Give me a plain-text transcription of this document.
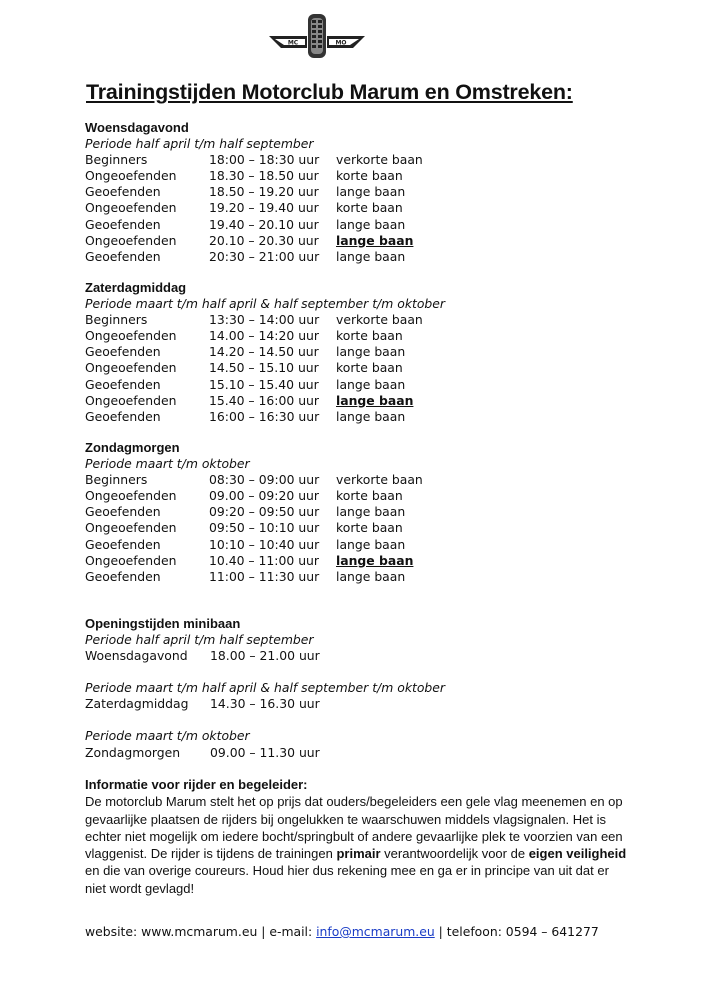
MC	MO
Trainingstijden Motorclub Marum en Omstreken:
Woensdagavond
Periode half april t/m half september
Beginners	18:00 – 18:30 uur	verkorte baan
Ongeoefenden	18.30 – 18.50 uur	korte baan
Geoefenden	18.50 – 19.20 uur	lange baan
Ongeoefenden	19.20 – 19.40 uur	korte baan
Geoefenden	19.40 – 20.10 uur	lange baan
Ongeoefenden	20.10 – 20.30 uur	lange baan
Geoefenden	20:30 – 21:00 uur	lange baan
Zaterdagmiddag
Periode maart t/m half april & half september t/m oktober
Beginners	13:30 – 14:00 uur	verkorte baan
Ongeoefenden	14.00 – 14:20 uur	korte baan
Geoefenden	14.20 – 14.50 uur	lange baan
Ongeoefenden	14.50 – 15.10 uur	korte baan
Geoefenden	15.10 – 15.40 uur	lange baan
Ongeoefenden	15.40 – 16:00 uur	lange baan
Geoefenden	16:00 – 16:30 uur	lange baan
Zondagmorgen
Periode maart t/m oktober
Beginners	08:30 – 09:00 uur	verkorte baan
Ongeoefenden	09.00 – 09:20 uur	korte baan
Geoefenden	09:20 – 09:50 uur	lange baan
Ongeoefenden	09:50 – 10:10 uur	korte baan
Geoefenden	10:10 – 10:40 uur	lange baan
Ongeoefenden	10.40 – 11:00 uur	lange baan
Geoefenden	11:00 – 11:30 uur	lange baan
Openingstijden minibaan
Periode half april t/m half september
Woensdagavond 18.00 – 21.00 uur
Periode maart t/m half april & half september t/m oktober
Zaterdagmiddag 14.30 – 16.30 uur
Periode maart t/m oktober
Zondagmorgen 09.00 – 11.30 uur
Informatie voor rijder en begeleider:
De motorclub Marum stelt het op prijs dat ouders/begeleiders een gele vlag meenemen en op gevaarlijke plaatsen de rijders bij ongelukken te waarschuwen middels vlagsignalen. Het is echter niet mogelijk om iedere bocht/springbult of andere gevaarlijke plek te voorzien van een vlaggenist. De rijder is tijdens de trainingen primair verantwoordelijk voor de eigen veiligheid en die van overige coureurs. Houd hier dus rekening mee en ga er in principe van uit dat er niet wordt gevlagd!
website: www.mcmarum.eu | e-mail: info@mcmarum.eu | telefoon: 0594 – 641277
